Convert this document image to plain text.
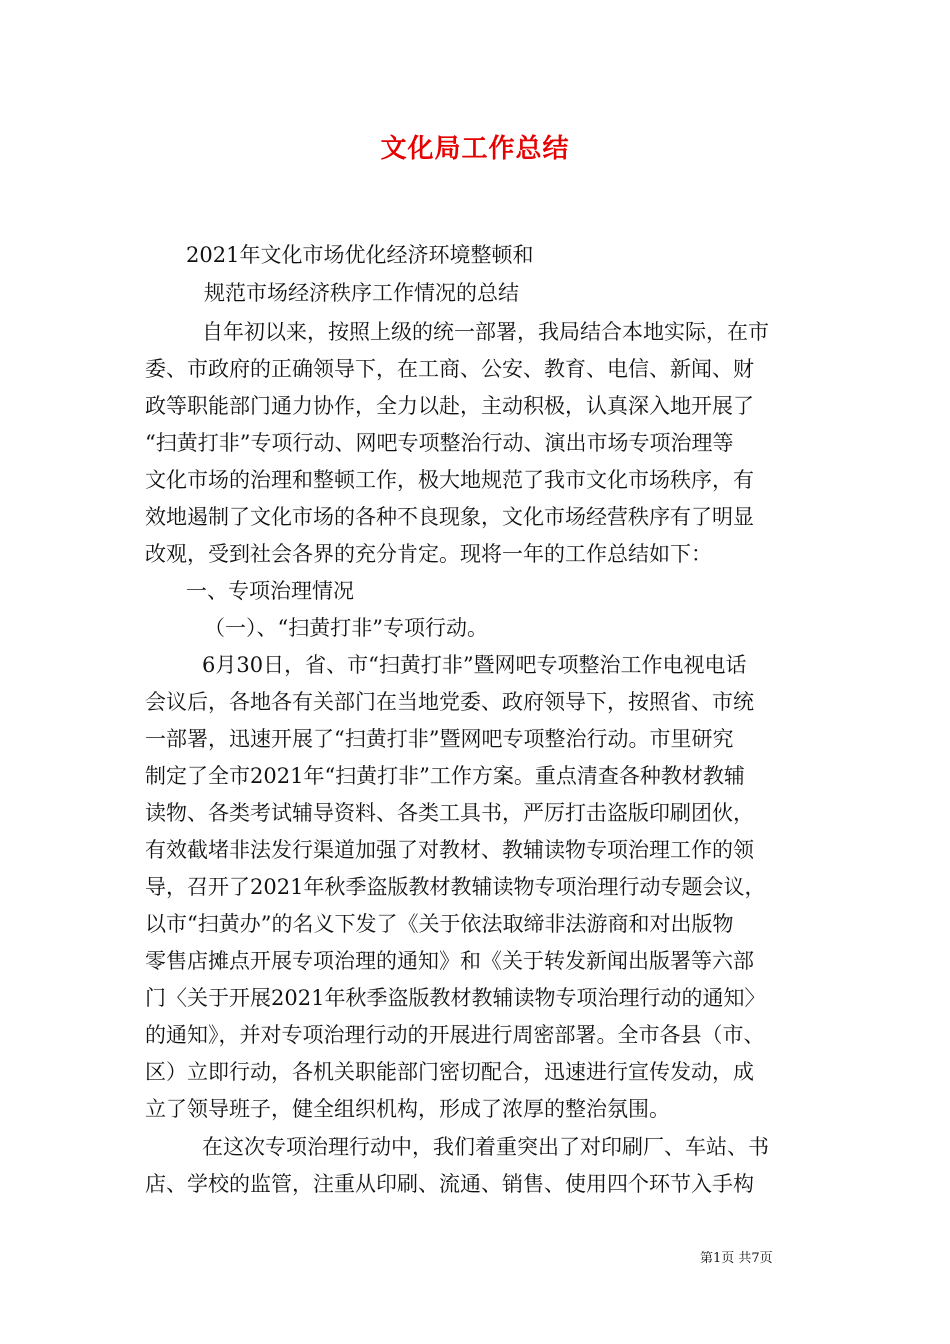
文化局工作总结
2021年文化市场优化经济环境整顿和
规范市场经济秩序工作情况的总结
自年初以来，按照上级的统一部署，我局结合本地实际，在市
委、市政府的正确领导下，在工商、公安、教育、电信、新闻、财
政等职能部门通力协作，全力以赴，主动积极，认真深入地开展了
“扫黄打非”专项行动、网吧专项整治行动、演出市场专项治理等
文化市场的治理和整顿工作，极大地规范了我市文化市场秩序，有
效地遏制了文化市场的各种不良现象，文化市场经营秩序有了明显
改观，受到社会各界的充分肯定。现将一年的工作总结如下：
一、专项治理情况
（一）、“扫黄打非”专项行动。
6月30日，省、市“扫黄打非”暨网吧专项整治工作电视电话
会议后，各地各有关部门在当地党委、政府领导下，按照省、市统
一部署，迅速开展了“扫黄打非”暨网吧专项整治行动。市里研究
制定了全市2021年“扫黄打非”工作方案。重点清查各种教材教辅
读物、各类考试辅导资料、各类工具书，严厉打击盗版印刷团伙，
有效截堵非法发行渠道加强了对教材、教辅读物专项治理工作的领
导，召开了2021年秋季盗版教材教辅读物专项治理行动专题会议，
以市“扫黄办”的名义下发了《关于依法取缔非法游商和对出版物
零售店摊点开展专项治理的通知》和《关于转发新闻出版署等六部
门〈关于开展2021年秋季盗版教材教辅读物专项治理行动的通知〉
的通知》，并对专项治理行动的开展进行周密部署。全市各县（市、
区）立即行动，各机关职能部门密切配合，迅速进行宣传发动，成
立了领导班子，健全组织机构，形成了浓厚的整治氛围。
在这次专项治理行动中，我们着重突出了对印刷厂、车站、书
店、学校的监管，注重从印刷、流通、销售、使用四个环节入手构
第1页 共7页
